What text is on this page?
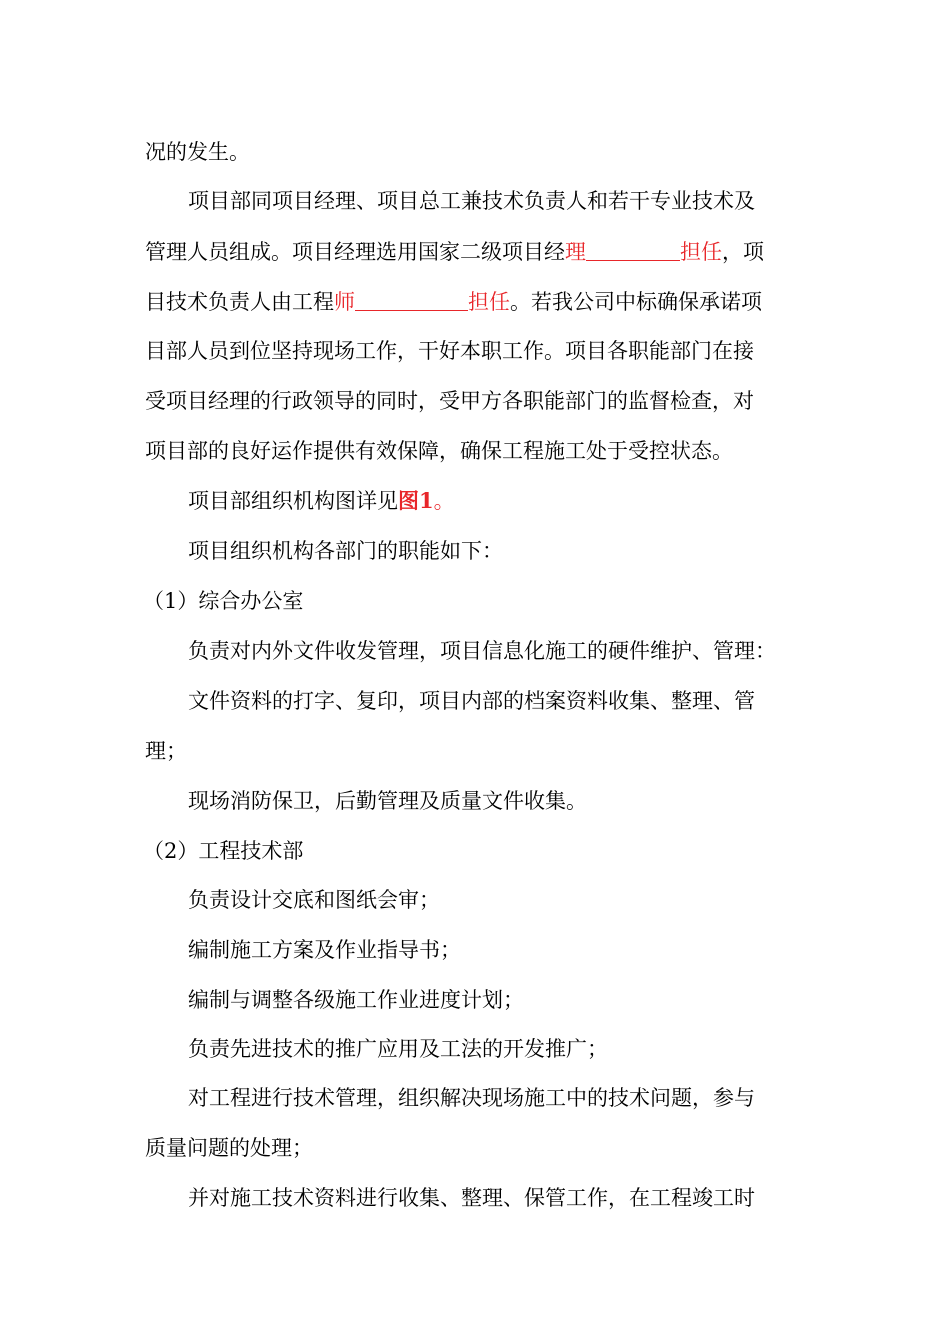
况的发生。
项目部同项目经理、项目总工兼技术负责人和若干专业技术及
管理人员组成。项目经理选用国家二级项目经理	担任，项
目技术负责人由工程师	担任。若我公司中标确保承诺项
目部人员到位坚持现场工作，干好本职工作。项目各职能部门在接
受项目经理的行政领导的同时，受甲方各职能部门的监督检查，对
项目部的良好运作提供有效保障，确保工程施工处于受控状态。
项目部组织机构图详见图1。
项目组织机构各部门的职能如下：
（1）综合办公室
负责对内外文件收发管理，项目信息化施工的硬件维护、管理：
文件资料的打字、复印，项目内部的档案资料收集、整理、管
理；
现场消防保卫，后勤管理及质量文件收集。
（2）工程技术部
负责设计交底和图纸会审；
编制施工方案及作业指导书；
编制与调整各级施工作业进度计划；
负责先进技术的推广应用及工法的开发推广；
对工程进行技术管理，组织解决现场施工中的技术问题，参与
质量问题的处理；
并对施工技术资料进行收集、整理、保管工作，在工程竣工时
